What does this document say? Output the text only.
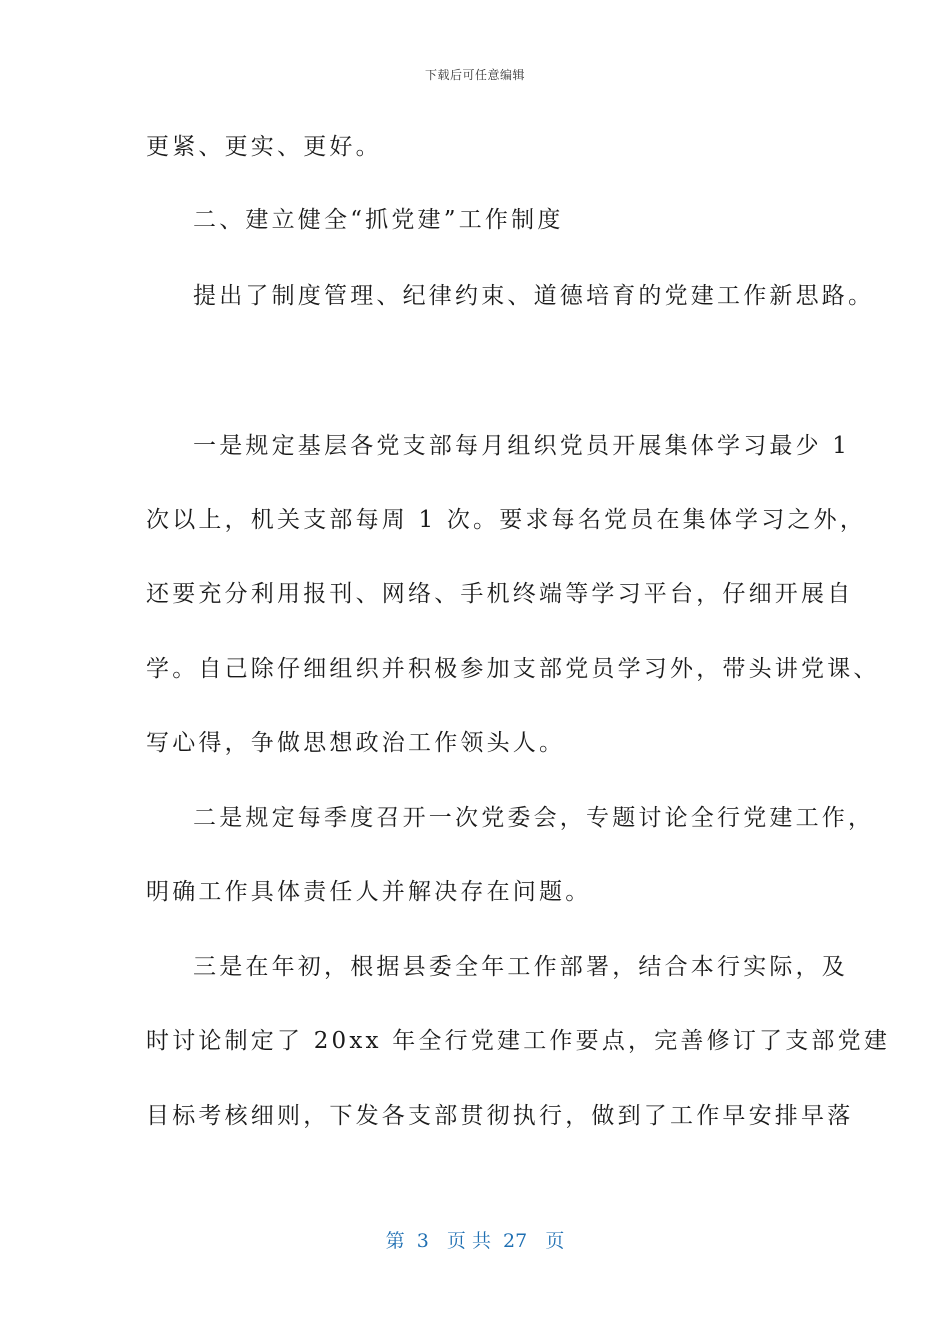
下载后可任意编辑
更紧、更实、更好。
二、建立健全“抓党建”工作制度
提出了制度管理、纪律约束、道德培育的党建工作新思路。
一是规定基层各党支部每月组织党员开展集体学习最少 1
次以上，机关支部每周 1 次。要求每名党员在集体学习之外，
还要充分利用报刊、网络、手机终端等学习平台，仔细开展自
学。自己除仔细组织并积极参加支部党员学习外，带头讲党课、
写心得，争做思想政治工作领头人。
二是规定每季度召开一次党委会，专题讨论全行党建工作，
明确工作具体责任人并解决存在问题。
三是在年初，根据县委全年工作部署，结合本行实际，及
时讨论制定了 20xx 年全行党建工作要点，完善修订了支部党建
目标考核细则，下发各支部贯彻执行，做到了工作早安排早落
第  3   页 共  27   页
